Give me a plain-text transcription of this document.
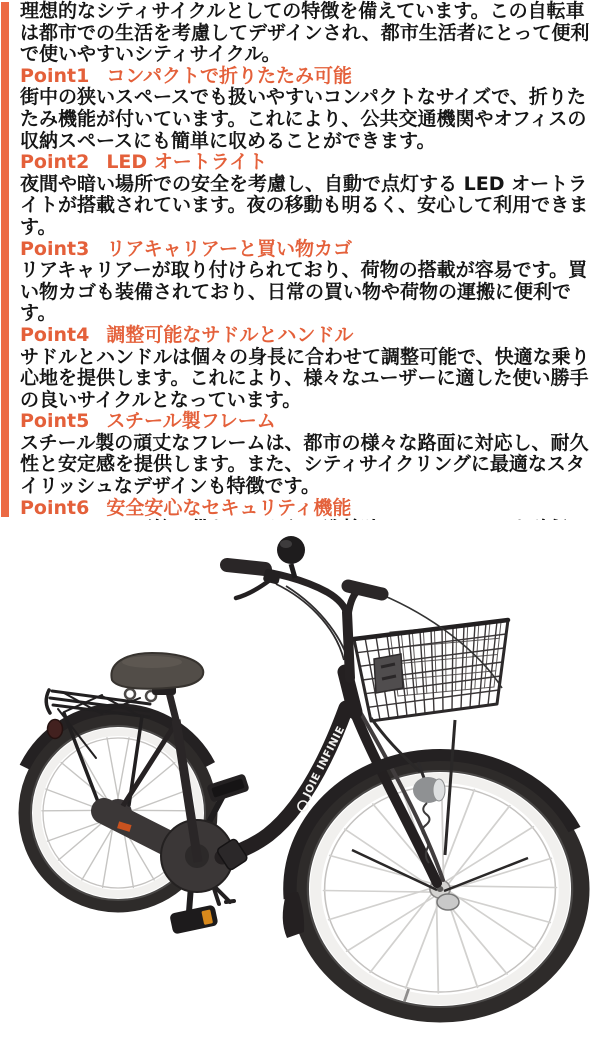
理想的なシティサイクルとしての特徴を備えています。この自転車は都市での生活を考慮してデザインされ、都市生活者にとって便利で使いやすいシティサイクル。

Point1 コンパクトで折りたたみ可能

街中の狭いスペースでも扱いやすいコンパクトなサイズで、折りたたみ機能が付いています。これにより、公共交通機関やオフィスの収納スペースにも簡単に収めることができます。

Point2 LED オートライト

夜間や暗い場所での安全を考慮し、自動で点灯する LED オートライトが搭載されています。夜の移動も明るく、安心して利用できます。

Point3 リアキャリアーと買い物カゴ

リアキャリアーが取り付けられており、荷物の搭載が容易です。買い物カゴも装備されており、日常の買い物や荷物の運搬に便利です。

Point4 調整可能なサドルとハンドル

サドルとハンドルは個々の身長に合わせて調整可能で、快適な乗り心地を提供します。これにより、様々なユーザーに適した使い勝手の良いサイクルとなっています。

Point5 スチール製フレーム

スチール製の頑丈なフレームは、都市の様々な路面に対応し、耐久性と安定感を提供します。また、シティサイクリングに最適なスタイリッシュなデザインも特徴です。

Point6 安全安心なセキュリティ機能

JOIE INFINIE
